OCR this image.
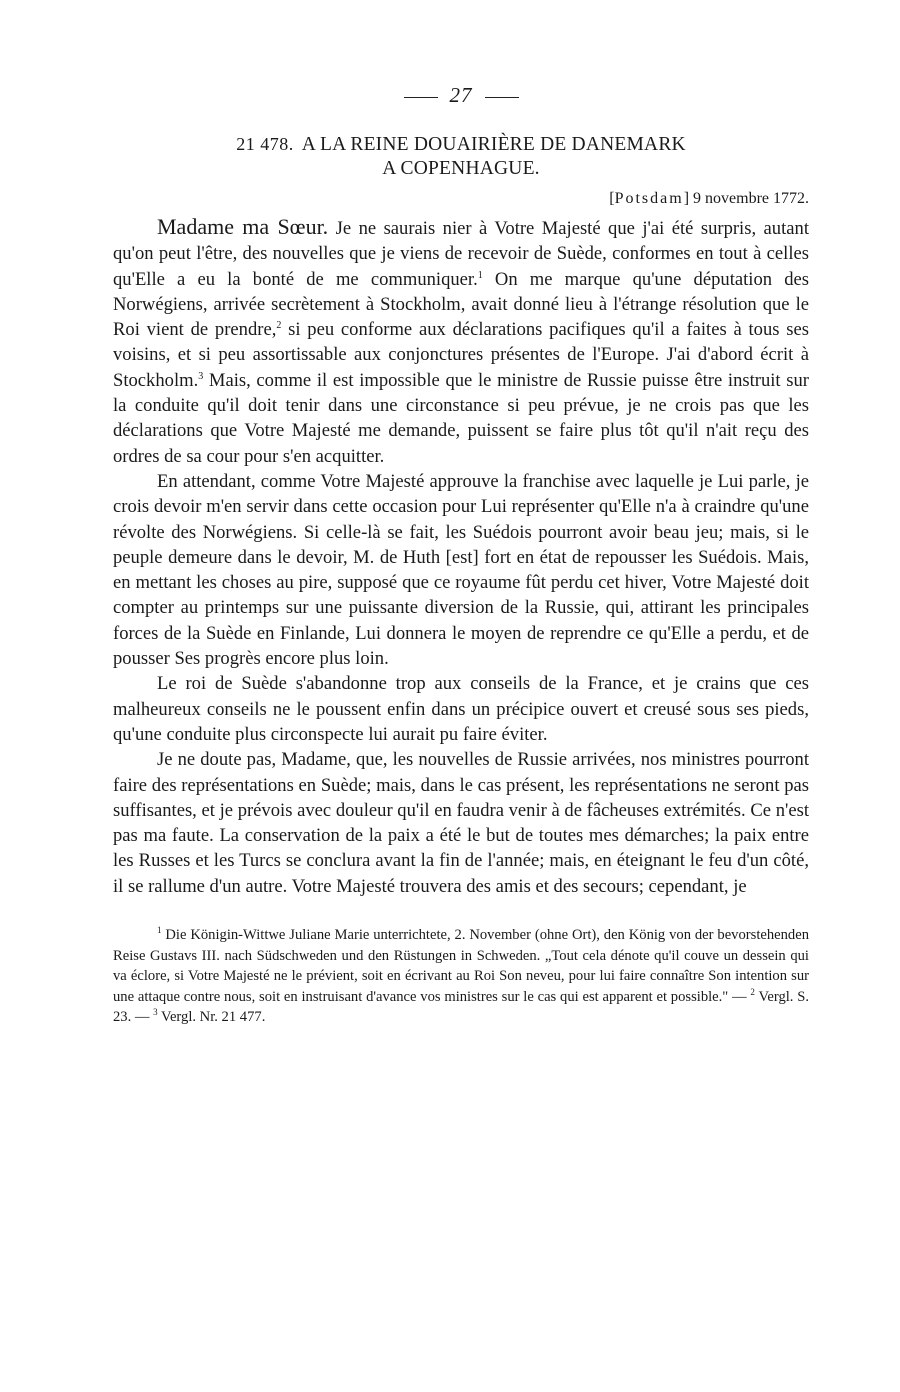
27
21 478. A LA REINE DOUAIRIÈRE DE DANEMARK
A COPENHAGUE.
[Potsdam] 9 novembre 1772.

Madame ma Sœur. Je ne saurais nier à Votre Majesté que j'ai été surpris, autant qu'on peut l'être, des nouvelles que je viens de recevoir de Suède, conformes en tout à celles qu'Elle a eu la bonté de me communiquer.$^1$ On me marque qu'une députation des Norwégiens, arrivée secrètement à Stockholm, avait donné lieu à l'étrange résolution que le Roi vient de prendre,$^2$ si peu conforme aux déclarations pacifiques qu'il a faites à tous ses voisins, et si peu assortissable aux conjonctures présentes de l'Europe. J'ai d'abord écrit à Stockholm.$^3$ Mais, comme il est impossible que le ministre de Russie puisse être instruit sur la conduite qu'il doit tenir dans une circonstance si peu prévue, je ne crois pas que les déclarations que Votre Majesté me demande, puissent se faire plus tôt qu'il n'ait reçu des ordres de sa cour pour s'en acquitter.

En attendant, comme Votre Majesté approuve la franchise avec laquelle je Lui parle, je crois devoir m'en servir dans cette occasion pour Lui représenter qu'Elle n'a à craindre qu'une révolte des Norwégiens. Si celle-là se fait, les Suédois pourront avoir beau jeu; mais, si le peuple demeure dans le devoir, M. de Huth [est] fort en état de repousser les Suédois. Mais, en mettant les choses au pire, supposé que ce royaume fût perdu cet hiver, Votre Majesté doit compter au printemps sur une puissante diversion de la Russie, qui, attirant les principales forces de la Suède en Finlande, Lui donnera le moyen de reprendre ce qu'Elle a perdu, et de pousser Ses progrès encore plus loin.

Le roi de Suède s'abandonne trop aux conseils de la France, et je crains que ces malheureux conseils ne le poussent enfin dans un précipice ouvert et creusé sous ses pieds, qu'une conduite plus circonspecte lui aurait pu faire éviter.

Je ne doute pas, Madame, que, les nouvelles de Russie arrivées, nos ministres pourront faire des représentations en Suède; mais, dans le cas présent, les représentations ne seront pas suffisantes, et je prévois avec douleur qu'il en faudra venir à de fâcheuses extrémités. Ce n'est pas ma faute. La conservation de la paix a été le but de toutes mes démarches; la paix entre les Russes et les Turcs se conclura avant la fin de l'année; mais, en éteignant le feu d'un côté, il se rallume d'un autre. Votre Majesté trouvera des amis et des secours; cependant, je

$^1$ Die Königin-Wittwe Juliane Marie unterrichtete, 2. November (ohne Ort), den König von der bevorstehenden Reise Gustavs III. nach Südschweden und den Rüstungen in Schweden. „Tout cela dénote qu'il couve un dessein qui va éclore, si Votre Majesté ne le prévient, soit en écrivant au Roi Son neveu, pour lui faire connaître Son intention sur une attaque contre nous, soit en instruisant d'avance vos ministres sur le cas qui est apparent et possible." — $^2$ Vergl. S. 23. — $^3$ Vergl. Nr. 21 477.
